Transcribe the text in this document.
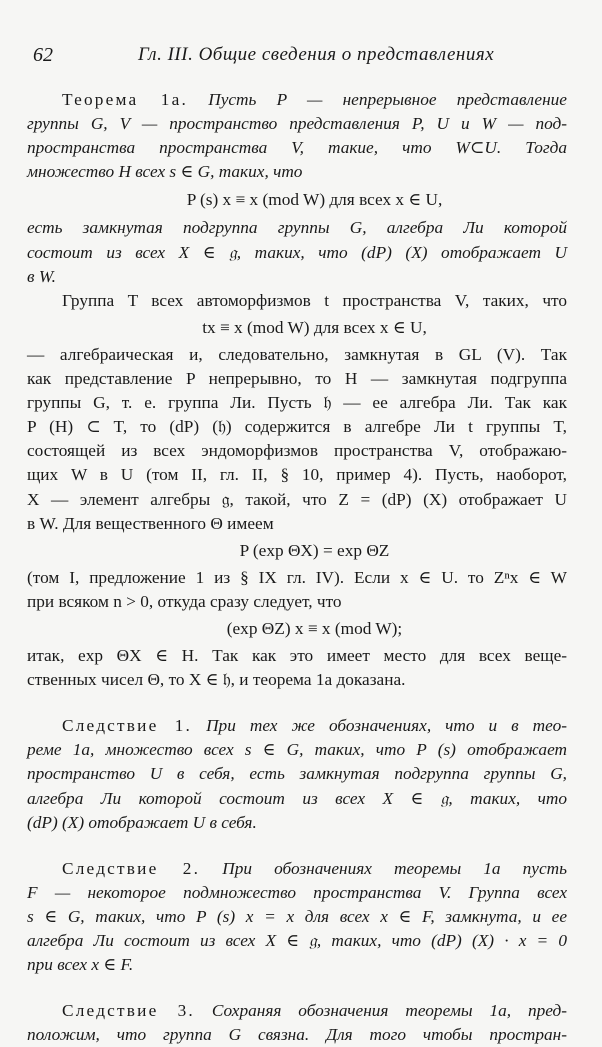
62	Гл. III. Общие сведения о представлениях
Теорема 1а. Пусть P — непрерывное представление
группы G, V — пространство представления P, U и W — под-
пространства пространства V, такие, что W⊂U. Тогда
множество H всех s ∈ G, таких, что
P (s) x ≡ x (mod W) для всех x ∈ U,
есть замкнутая подгруппа группы G, алгебра Ли которой
состоит из всех X ∈ 𝔤, таких, что (dP) (X) отображает U
в W.
Группа T всех автоморфизмов t пространства V, таких, что
tx ≡ x (mod W) для всех x ∈ U,
— алгебраическая и, следовательно, замкнутая в GL (V). Так
как представление P непрерывно, то H — замкнутая подгруппа
группы G, т. е. группа Ли. Пусть 𝔥 — ее алгебра Ли. Так как
P (H) ⊂ T, то (dP) (𝔥) содержится в алгебре Ли t группы T,
состоящей из всех эндоморфизмов пространства V, отображаю-
щих W в U (том II, гл. II, § 10, пример 4). Пусть, наоборот,
X — элемент алгебры 𝔤, такой, что Z = (dP) (X) отображает U
в W. Для вещественного Θ имеем
P (exp ΘX) = exp ΘZ
(том I, предложение 1 из § IX гл. IV). Если x ∈ U. то Zⁿx ∈ W
при всяком n > 0, откуда сразу следует, что
(exp ΘZ) x ≡ x (mod W);
итак, exp ΘX ∈ H. Так как это имеет место для всех веще-
ственных чисел Θ, то X ∈ 𝔥, и теорема 1а доказана.
Следствие 1. При тех же обозначениях, что и в тео-
реме 1а, множество всех s ∈ G, таких, что P (s) отображает
пространство U в себя, есть замкнутая подгруппа группы G,
алгебра Ли которой состоит из всех X ∈ 𝔤, таких, что
(dP) (X) отображает U в себя.
Следствие 2. При обозначениях теоремы 1а пусть
F — некоторое подмножество пространства V. Группа всех
s ∈ G, таких, что P (s) x = x для всех x ∈ F, замкнута, и ее
алгебра Ли состоит из всех X ∈ 𝔤, таких, что (dP) (X) · x = 0
при всех x ∈ F.
Следствие 3. Сохраняя обозначения теоремы 1а, пред-
положим, что группа G связна. Для того чтобы простран-
